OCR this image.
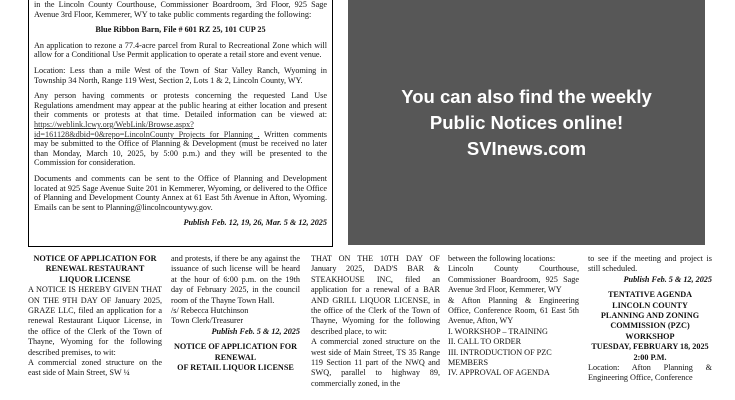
in the Lincoln County Courthouse, Commissioner Boardroom, 3rd Floor, 925 Sage Avenue 3rd Floor, Kemmerer, WY to take public comments regarding the following:

Blue Ribbon Barn, File # 601 RZ 25, 101 CUP 25

An application to rezone a 77.4-acre parcel from Rural to Recreational Zone which will allow for a Conditional Use Permit application to operate a retail store and event venue.

Location: Less than a mile West of the Town of Star Valley Ranch, Wyoming in Township 34 North, Range 119 West, Section 2, Lots 1 & 2, Lincoln County, WY.

Any person having comments or protests concerning the requested Land Use Regulations amendment may appear at the public hearing at either location and present their comments or protests at that time. Detailed information can be viewed at: https://weblink.lcwy.org/WebLink/Browse.aspx?id=161128&dbid=0&repo=LincolnCounty Projects for Planning . Written comments may be submitted to the Office of Planning & Development (must be received no later than Monday, March 10, 2025, by 5:00 p.m.) and they will be presented to the Commission for consideration.

Documents and comments can be sent to the Office of Planning and Development located at 925 Sage Avenue Suite 201 in Kemmerer, Wyoming, or delivered to the Office of Planning and Development County Annex at 61 East 5th Avenue in Afton, Wyoming. Emails can be sent to Planning@lincolncountywy.gov.

Publish Feb. 12, 19, 26, Mar. 5 & 12, 2025

You can also find the weekly
Public Notices online!
SVInews.com

NOTICE OF APPLICATION FOR

RENEWAL RESTAURANT

LIQUOR LICENSE

A NOTICE IS HEREBY GIVEN THAT ON THE 9TH DAY OF January 2025, GRAZE LLC, filed an application for a renewal Restaurant Liquor License, in the office of the Clerk of the Town of Thayne, Wyoming for the following described premises, to wit:

A commercial zoned structure on the east side of Main Street, SW ¼

and protests, if there be any against the issuance of such license will be heard at the hour of 6:00 p.m. on the 19th day of February 2025, in the council room of the Thayne Town Hall.

/s/ Rebecca Hutchinson

Town Clerk/Treasurer

Publish Feb. 5 & 12, 2025

NOTICE OF APPLICATION FOR

RENEWAL

OF RETAIL LIQUOR LICENSE

THAT ON THE 10TH DAY OF January 2025, DAD'S BAR & STEAKHOUSE INC, filed an application for a renewal of a BAR AND GRILL LIQUOR LICENSE, in the office of the Clerk of the Town of Thayne, Wyoming for the following described place, to wit:

A commercial zoned structure on the west side of Main Street, TS 35 Range 119 Section 11 part of the NWQ and SWQ, parallel to highway 89, commercially zoned, in the

between the following locations:

Lincoln County Courthouse, Commissioner Boardroom, 925 Sage Avenue 3rd Floor, Kemmerer, WY

& Afton Planning & Engineering Office, Conference Room, 61 East 5th Avenue, Afton, WY

I. WORKSHOP – TRAINING

II. CALL TO ORDER

III. INTRODUCTION OF PZC MEMBERS

IV. APPROVAL OF AGENDA

to see if the meeting and project is still scheduled.

Publish Feb. 5 & 12, 2025

TENTATIVE AGENDA

LINCOLN COUNTY

PLANNING AND ZONING

COMMISSION (PZC)

WORKSHOP

TUESDAY, FEBRUARY 18, 2025

2:00 P.M.

Location: Afton Planning & Engineering Office, Conference
